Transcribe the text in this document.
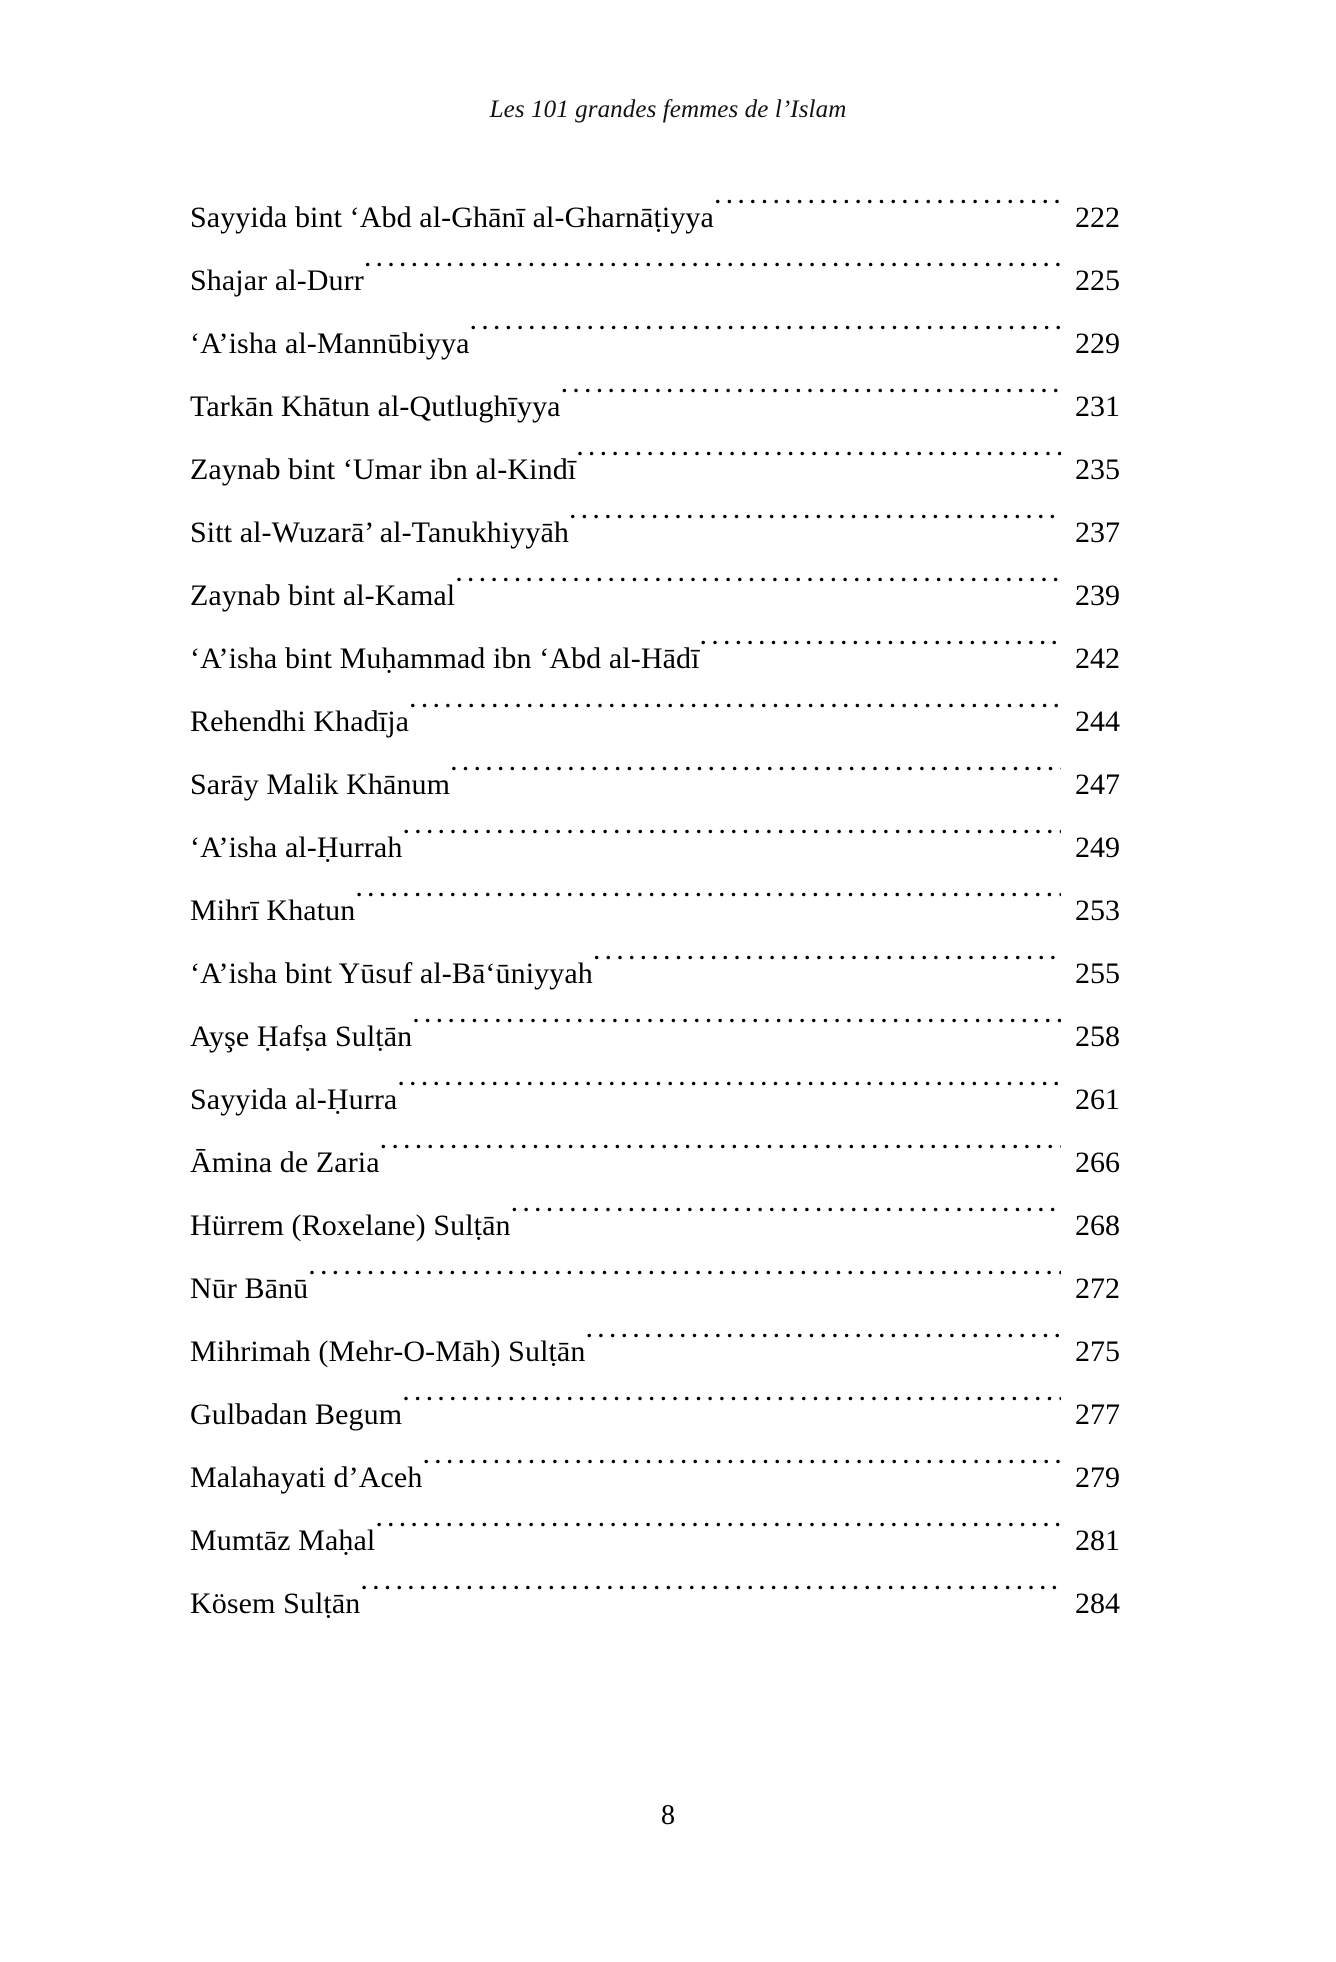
Les 101 grandes femmes de l’Islam
Sayyida bint ‘Abd al-Ghānī al-Gharnāṭiyya . . .	222
Shajar al-Durr . . .	225
‘A’isha al-Mannūbiyya . . .	229
Tarkān Khātun al-Qutlughīyya . . .	231
Zaynab bint ‘Umar ibn al-Kindī . . .	235
Sitt al-Wuzarā’ al-Tanukhiyyāh . . .	237
Zaynab bint al-Kamal . . .	239
‘A’isha bint Muḥammad ibn ‘Abd al-Hādī . . .	242
Rehendhi Khadīja . . .	244
Sarāy Malik Khānum . . .	247
‘A’isha al-Ḥurrah . . .	249
Mihrī Khatun . . .	253
‘A’isha bint Yūsuf al-Bā‘ūniyyah . . .	255
Ayşe Ḥafṣa Sulṭān . . .	258
Sayyida al-Ḥurra . . .	261
Āmina de Zaria . . .	266
Hürrem (Roxelane) Sulṭān . . .	268
Nūr Bānū . . .	272
Mihrimah (Mehr-O-Māh) Sulṭān . . .	275
Gulbadan Begum . . .	277
Malahayati d’Aceh . . .	279
Mumtāz Maḥal . . .	281
Kösem Sulṭān . . .	284
8
